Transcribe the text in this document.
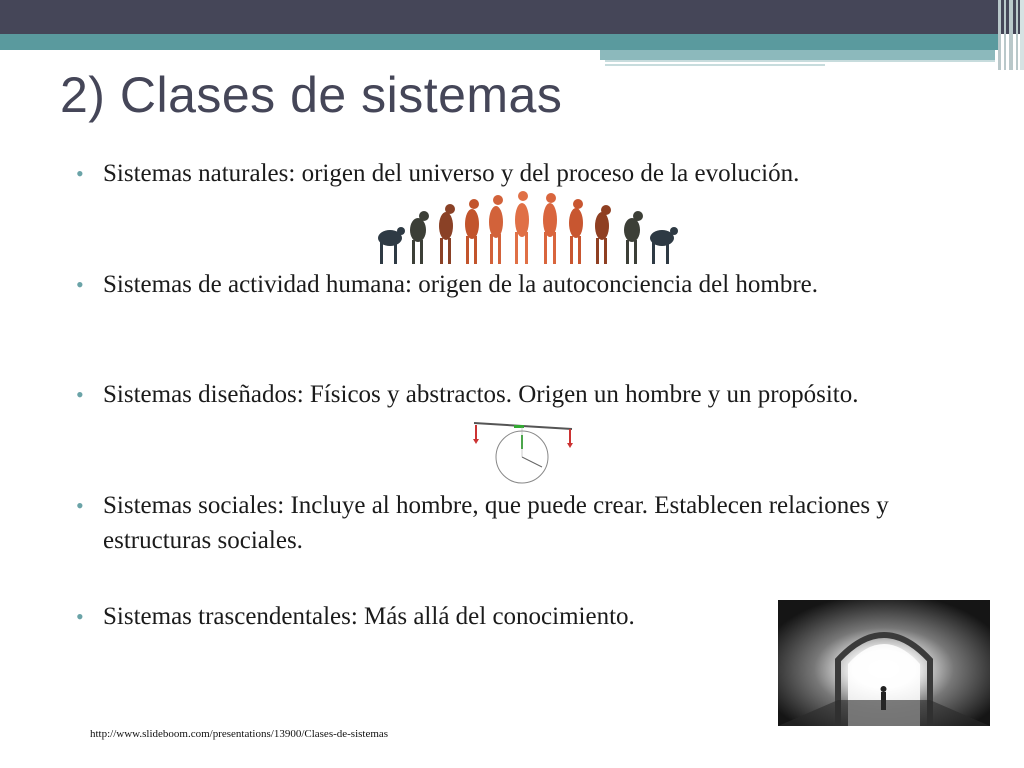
2) Clases de sistemas
• Sistemas naturales: origen del universo y del proceso de la evolución.
• Sistemas de actividad humana: origen de la autoconciencia del hombre.
• Sistemas diseñados: Físicos y abstractos. Origen un hombre y un propósito.
• Sistemas sociales: Incluye al hombre, que puede crear. Establecen relaciones y estructuras sociales.
• Sistemas trascendentales: Más allá del conocimiento.
http://www.slideboom.com/presentations/13900/Clases-de-sistemas
